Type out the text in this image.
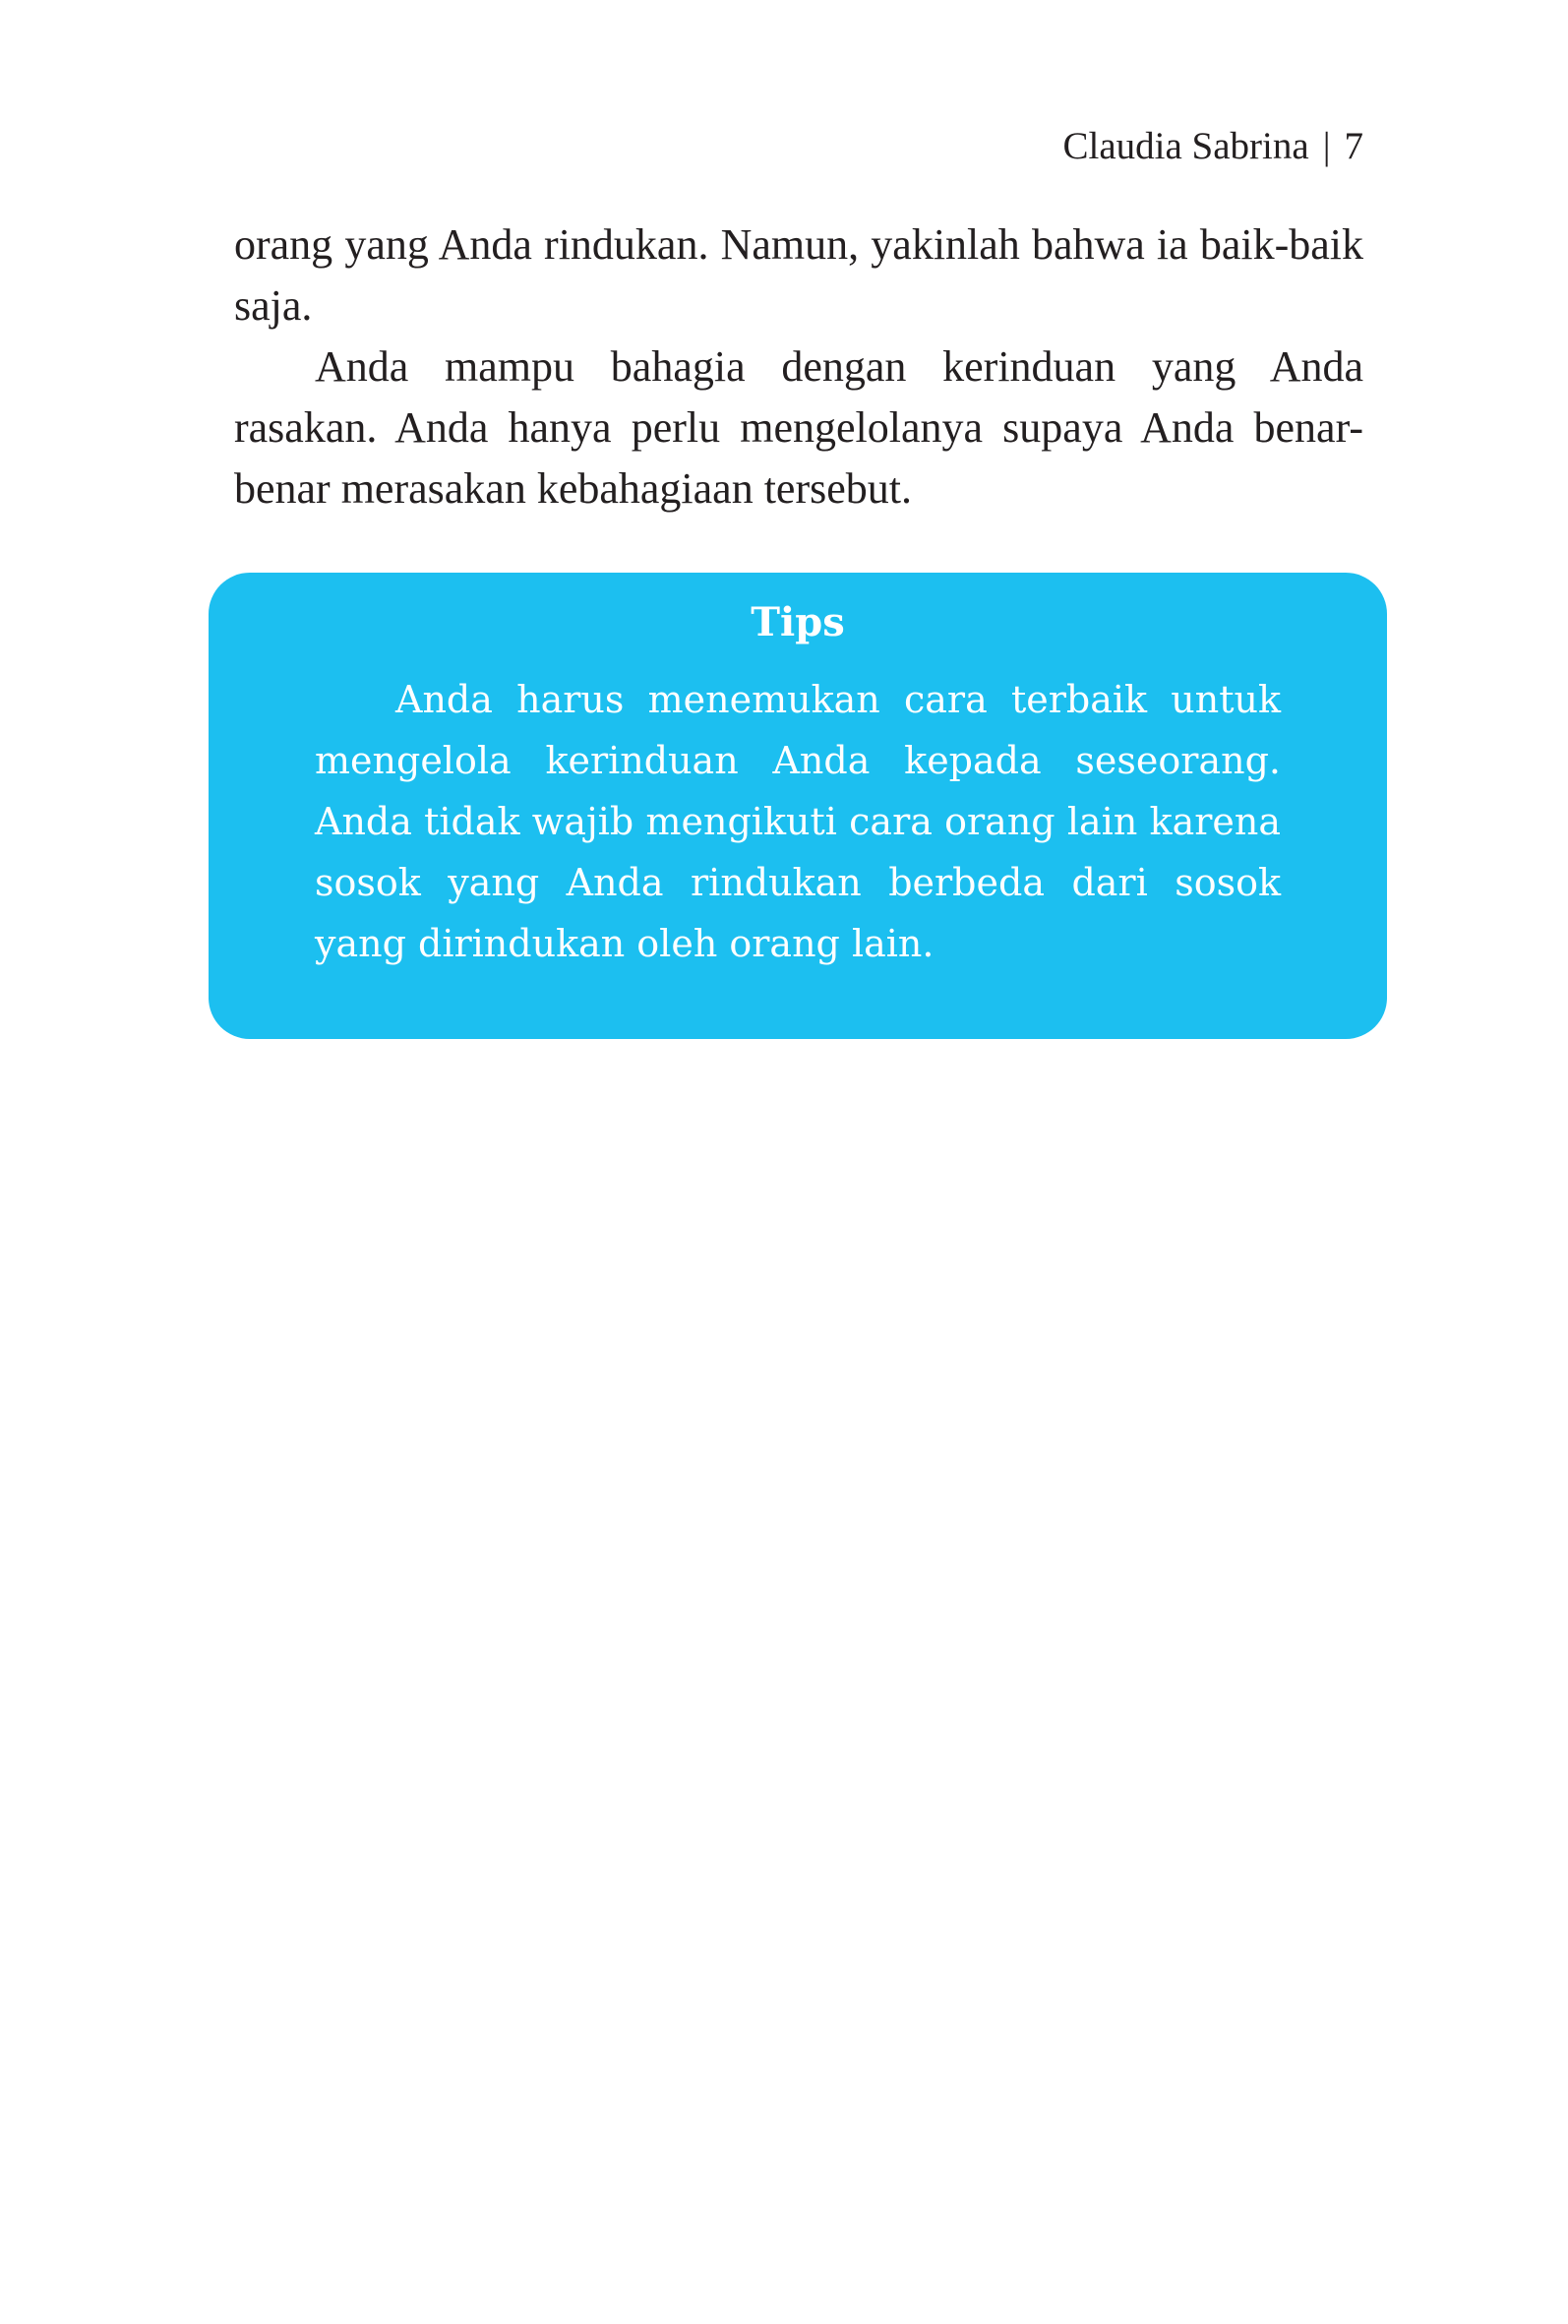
Claudia Sabrina | 7

orang yang Anda rindukan. Namun, yakinlah bahwa ia baik-baik saja.

Anda mampu bahagia dengan kerinduan yang Anda rasakan. Anda hanya perlu mengelolanya supaya Anda benar-benar merasakan kebahagiaan tersebut.

Tips

Anda harus menemukan cara terbaik untuk mengelola kerinduan Anda kepada seseorang. Anda tidak wajib mengikuti cara orang lain karena sosok yang Anda rindukan berbeda dari sosok yang dirindukan oleh orang lain.
